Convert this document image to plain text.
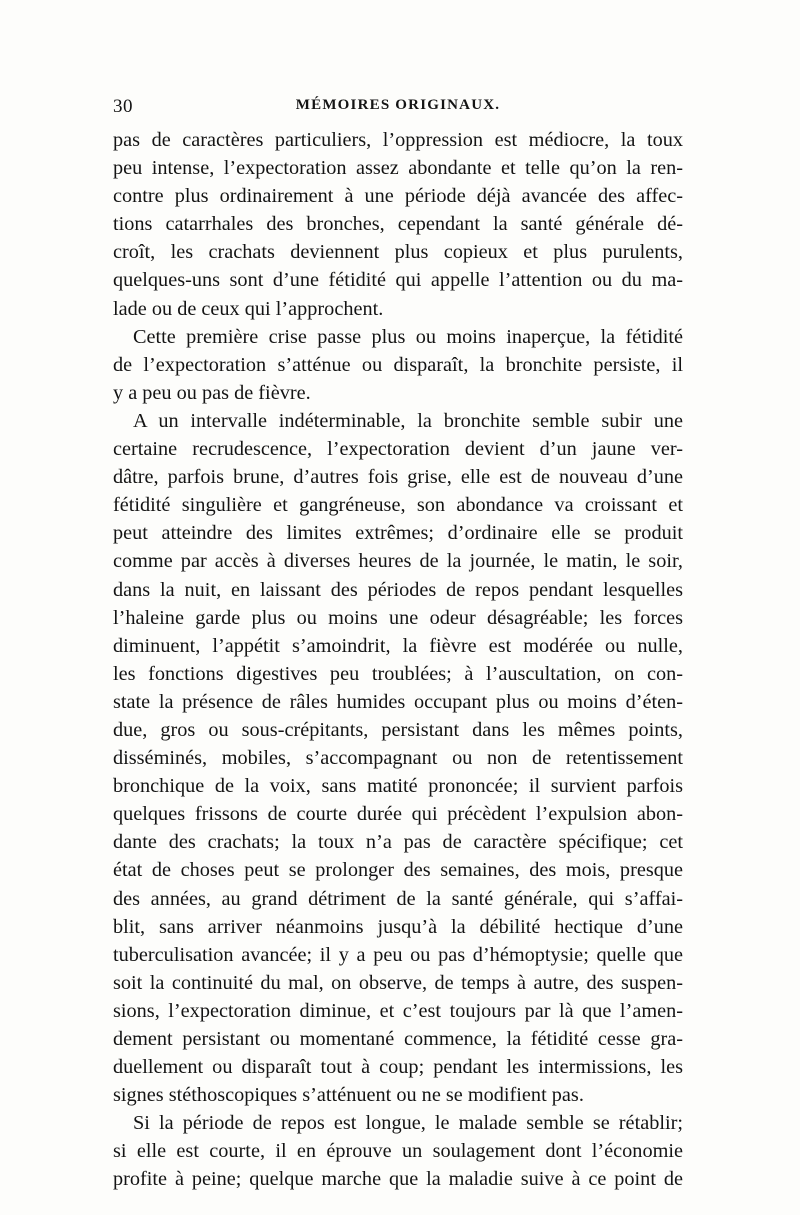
30	MÉMOIRES ORIGINAUX.
pas de caractères particuliers, l’oppression est médiocre, la toux
peu intense, l’expectoration assez abondante et telle qu’on la ren-
contre plus ordinairement à une période déjà avancée des affec-
tions catarrhales des bronches, cependant la santé générale dé-
croît, les crachats deviennent plus copieux et plus purulents,
quelques-uns sont d’une fétidité qui appelle l’attention ou du ma-
lade ou de ceux qui l’approchent.
Cette première crise passe plus ou moins inaperçue, la fétidité
de l’expectoration s’atténue ou disparaît, la bronchite persiste, il
y a peu ou pas de fièvre.
A un intervalle indéterminable, la bronchite semble subir une
certaine recrudescence, l’expectoration devient d’un jaune ver-
dâtre, parfois brune, d’autres fois grise, elle est de nouveau d’une
fétidité singulière et gangréneuse, son abondance va croissant et
peut atteindre des limites extrêmes; d’ordinaire elle se produit
comme par accès à diverses heures de la journée, le matin, le soir,
dans la nuit, en laissant des périodes de repos pendant lesquelles
l’haleine garde plus ou moins une odeur désagréable; les forces
diminuent, l’appétit s’amoindrit, la fièvre est modérée ou nulle,
les fonctions digestives peu troublées; à l’auscultation, on con-
state la présence de râles humides occupant plus ou moins d’éten-
due, gros ou sous-crépitants, persistant dans les mêmes points,
disséminés, mobiles, s’accompagnant ou non de retentissement
bronchique de la voix, sans matité prononcée; il survient parfois
quelques frissons de courte durée qui précèdent l’expulsion abon-
dante des crachats; la toux n’a pas de caractère spécifique; cet
état de choses peut se prolonger des semaines, des mois, presque
des années, au grand détriment de la santé générale, qui s’affai-
blit, sans arriver néanmoins jusqu’à la débilité hectique d’une
tuberculisation avancée; il y a peu ou pas d’hémoptysie; quelle que
soit la continuité du mal, on observe, de temps à autre, des suspen-
sions, l’expectoration diminue, et c’est toujours par là que l’amen-
dement persistant ou momentané commence, la fétidité cesse gra-
duellement ou disparaît tout à coup; pendant les intermissions, les
signes stéthoscopiques s’atténuent ou ne se modifient pas.
Si la période de repos est longue, le malade semble se rétablir;
si elle est courte, il en éprouve un soulagement dont l’économie
profite à peine; quelque marche que la maladie suive à ce point de
